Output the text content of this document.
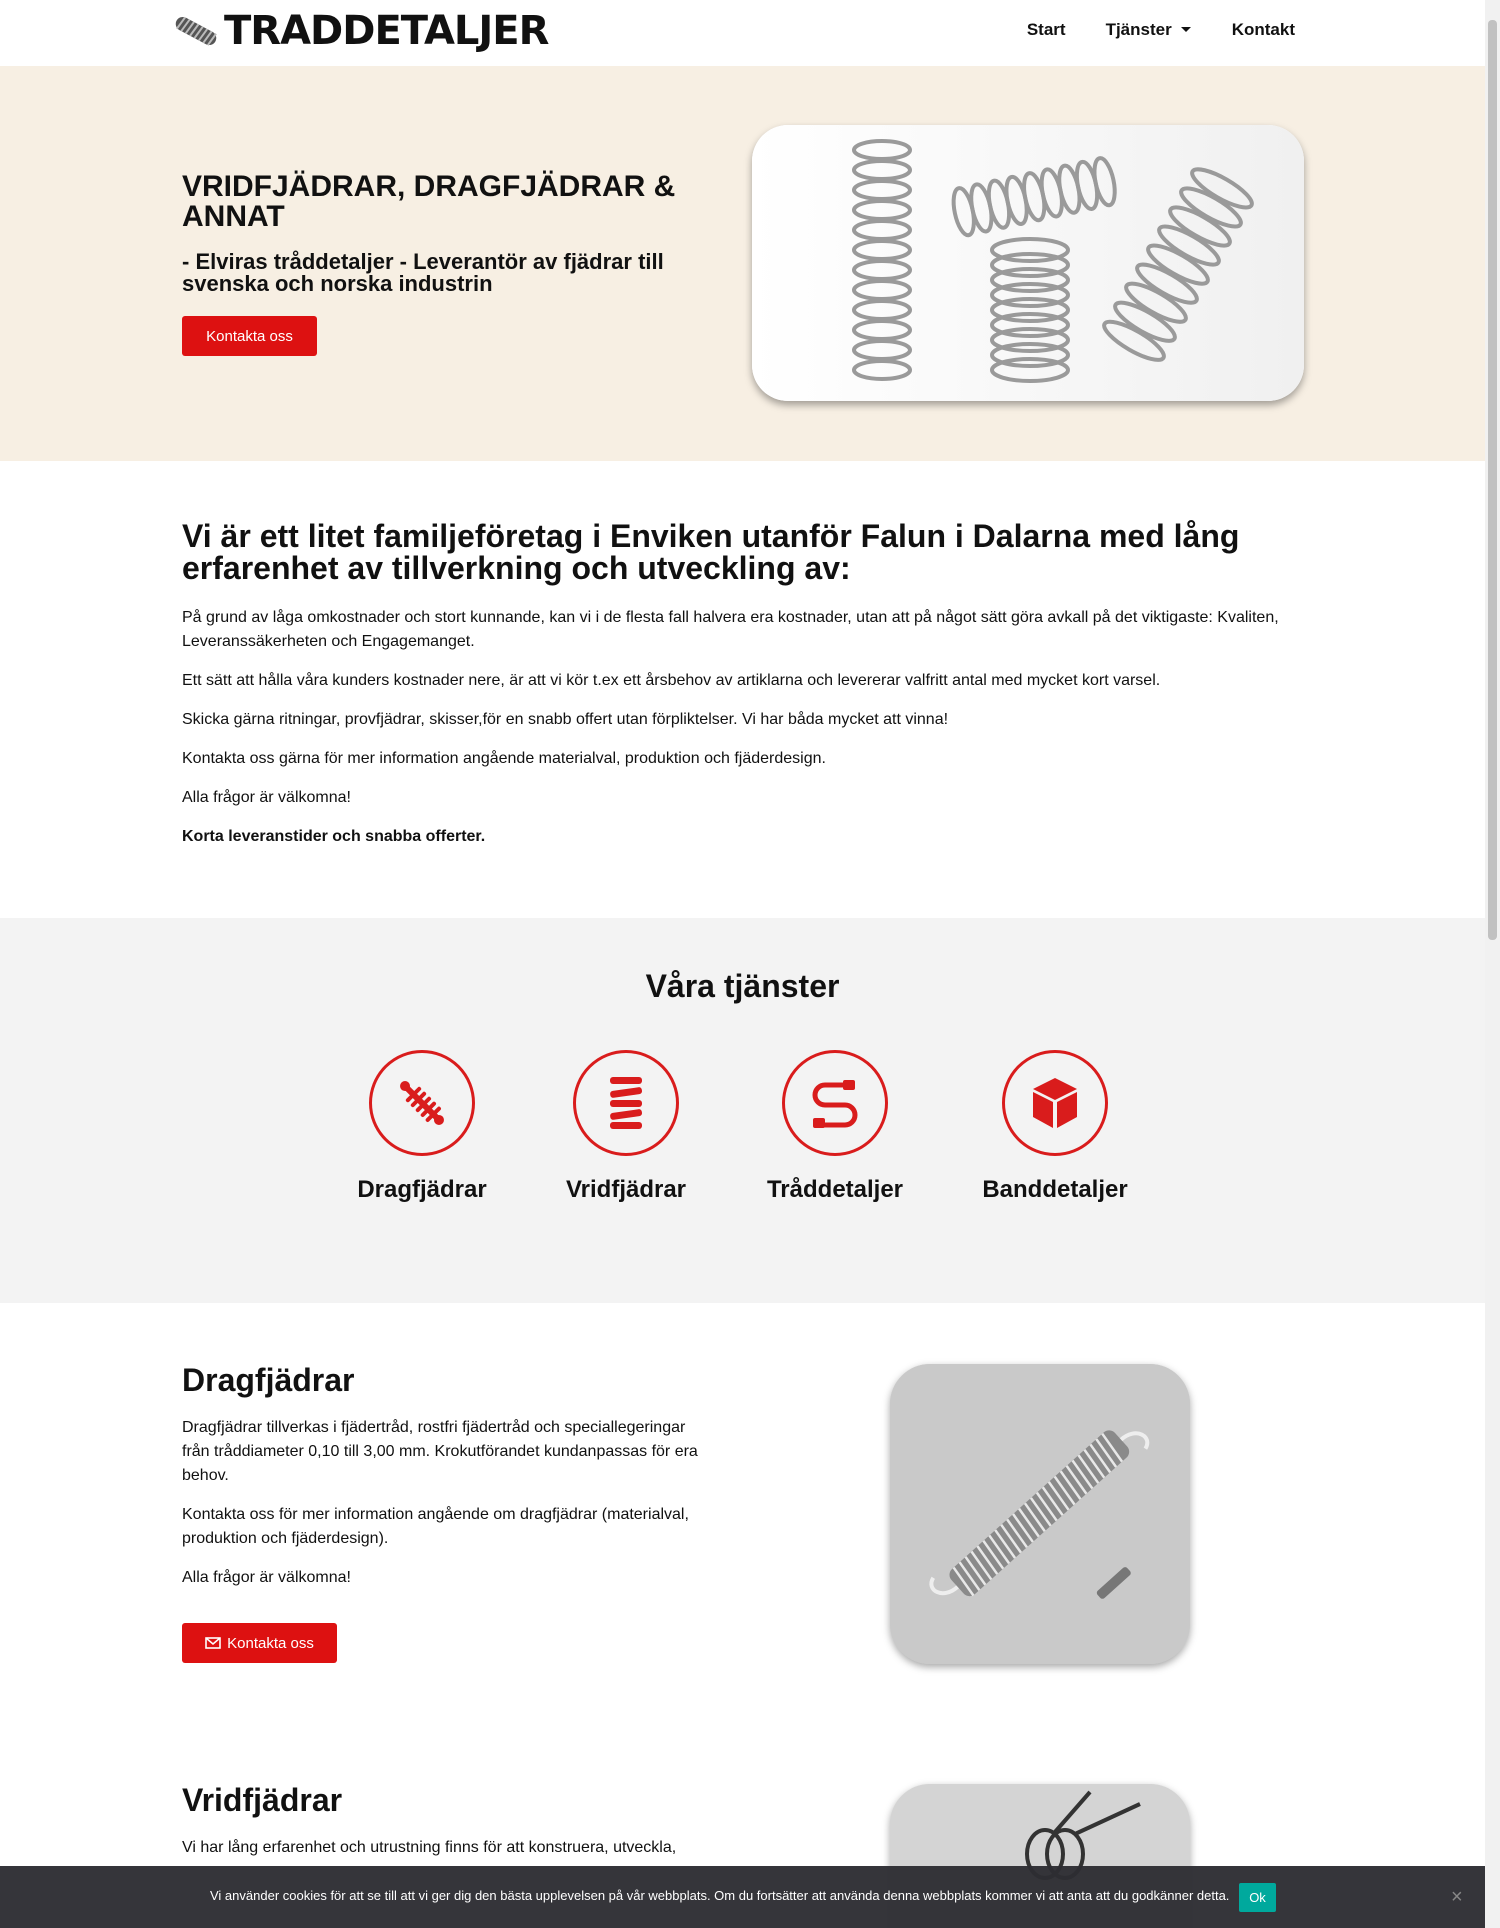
TRADDETALJER	Start Tjänster	Kontakt
VRIDFJÄDRAR, DRAGFJÄDRAR & ANNAT
- Elviras tråddetaljer - Leverantör av fjädrar till svenska och norska industrin
Kontakta oss
Vi är ett litet familjeföretag i Enviken utanför Falun i Dalarna med lång erfarenhet av tillverkning och utveckling av:

På grund av låga omkostnader och stort kunnande, kan vi i de flesta fall halvera era kostnader, utan att på något sätt göra avkall på det viktigaste: Kvaliten, Leveranssäkerheten och Engagemanget.

Ett sätt att hålla våra kunders kostnader nere, är att vi kör t.ex ett årsbehov av artiklarna och levererar valfritt antal med mycket kort varsel.

Skicka gärna ritningar, provfjädrar, skisser,för en snabb offert utan förpliktelser. Vi har båda mycket att vinna!

Kontakta oss gärna för mer information angående materialval, produktion och fjäderdesign.

Alla frågor är välkomna!

Korta leveranstider och snabba offerter.

Våra tjänster
Dragfjädrar	Vridfjädrar	Tråddetaljer	Banddetaljer
Dragfjädrar

Dragfjädrar tillverkas i fjädertråd, rostfri fjädertråd och speciallegeringar från tråddiameter 0,10 till 3,00 mm. Krokutförandet kundanpassas för era behov.

Kontakta oss för mer information angående om dragfjädrar (materialval, produktion och fjäderdesign).

Alla frågor är välkomna!

Kontakta oss
Vridfjädrar

Vi har lång erfarenhet och utrustning finns för att konstruera, utveckla,

Vi använder cookies för att se till att vi ger dig den bästa upplevelsen på vår webbplats. Om du fortsätter att använda denna webbplats kommer vi att anta att du godkänner detta.	Ok	×
